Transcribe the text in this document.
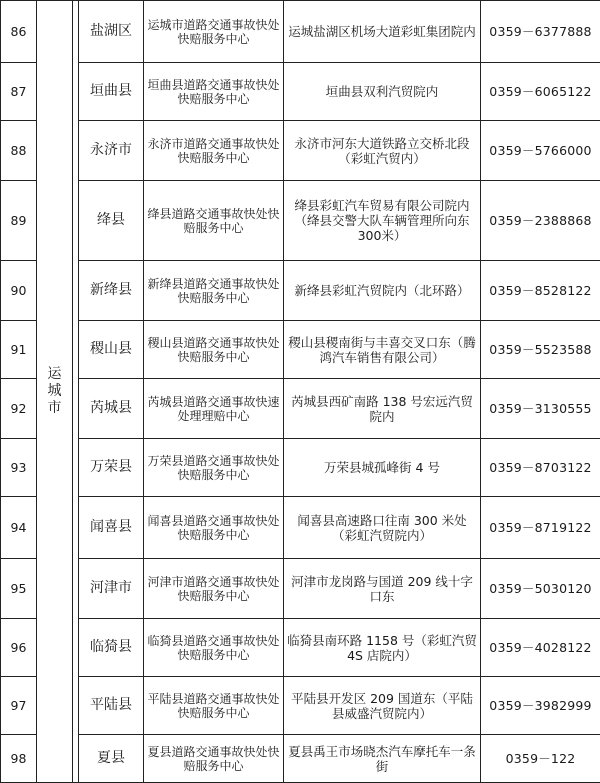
86	运城市		盐湖区	运城市道路交通事故快处快赔服务中心	运城盐湖区机场大道彩虹集团院内	0359－6377888
87			垣曲县	垣曲县道路交通事故快处快赔服务中心	垣曲县双利汽贸院内	0359－6065122
88			永济市	永济市道路交通事故快处快赔服务中心	永济市河东大道铁路立交桥北段（彩虹汽贸内）	0359－5766000
89			绛县	绛县道路交通事故快处快赔服务中心	绛县彩虹汽车贸易有限公司院内（绛县交警大队车辆管理所向东 300米）	0359－2388868
90			新绛县	新绛县道路交通事故快处快赔服务中心	新绛县彩虹汽贸院内（北环路）	0359－8528122
91			稷山县	稷山县道路交通事故快处快赔服务中心	稷山县稷南街与丰喜交叉口东（腾鸿汽车销售有限公司）	0359－5523588
92			芮城县	芮城县道路交通事故快速处理理赔中心	芮城县西矿南路 138 号宏远汽贸院内	0359－3130555
93			万荣县	万荣县道路交通事故快处快赔服务中心	万荣县城孤峰街 4 号	0359－8703122
94			闻喜县	闻喜县道路交通事故快处快赔服务中心	闻喜县高速路口往南 300 米处（彩虹汽贸院内）	0359－8719122
95			河津市	河津市道路交通事故快处快赔服务中心	河津市龙岗路与国道 209 线十字口东	0359－5030120
96			临猗县	临猗县道路交通事故快处快赔服务中心	临猗县南环路 1158 号（彩虹汽贸 4S 店院内）	0359－4028122
97			平陆县	平陆县道路交通事故快处快赔服务中心	平陆县开发区 209 国道东（平陆县威盛汽贸院内）	0359－3982999
98			夏县	夏县道路交通事故快处快赔服务中心	夏县禹王市场晓杰汽车摩托车一条街	0359－122
